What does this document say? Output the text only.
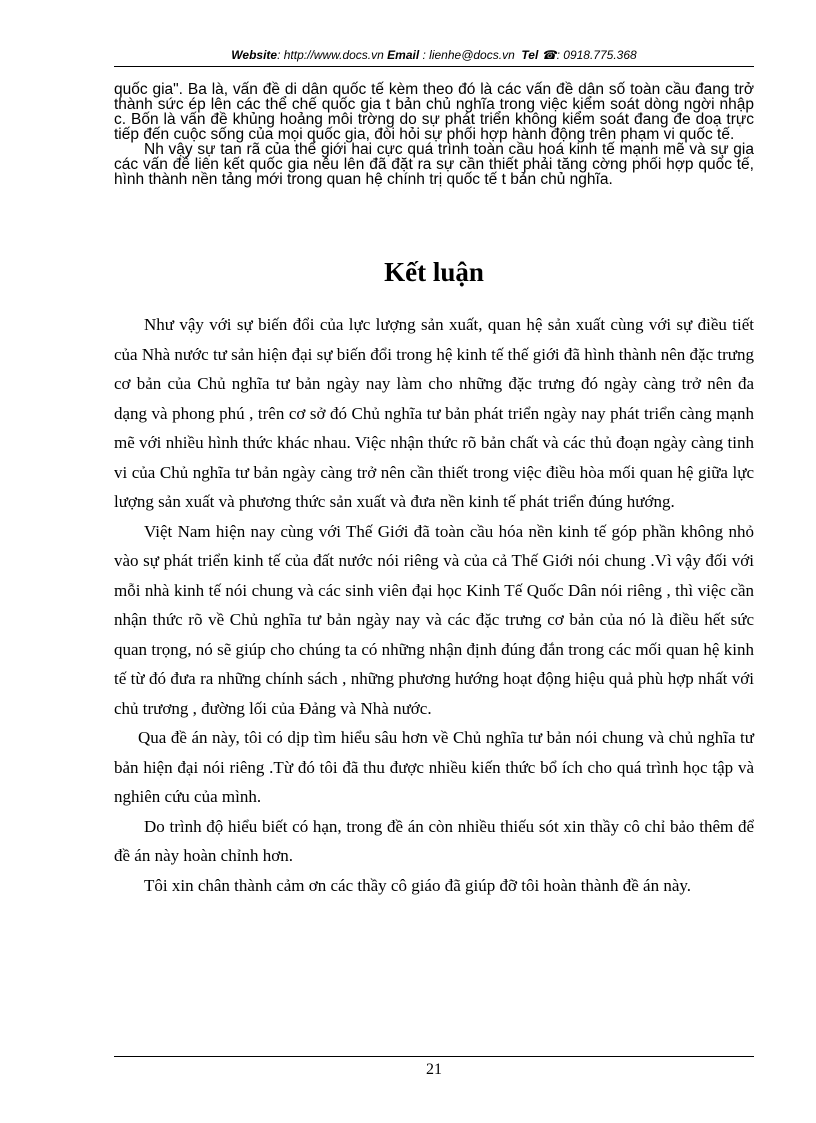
Website: http://www.docs.vn Email : lienhe@docs.vn Tel ☎: 0918.775.368

quốc gia". Ba là, vấn đề di dân quốc tế kèm theo đó là các vấn đề dân số toàn cầu đang trở thành sức ép lên các thể chế quốc gia t bản chủ nghĩa trong việc kiểm soát dòng ngời nhập c. Bốn là vấn đề khủng hoảng môi trờng do sự phát triển không kiểm soát đang đe doạ trực tiếp đến cuộc sống của mọi quốc gia, đòi hỏi sự phối hợp hành động trên phạm vi quốc tế.

Nh vậy sự tan rã của thế giới hai cực quá trình toàn cầu hoá kinh tế mạnh mẽ và sự gia các vấn đề liên kết quốc gia nêu lên đã đặt ra sự cần thiết phải tăng cờng phối hợp quốc tế, hình thành nền tảng mới trong quan hệ chính trị quốc tế t bản chủ nghĩa.

Kết luận

Như vậy với sự biến đổi của lực lượng sản xuất, quan hệ sản xuất cùng với sự điều tiết của Nhà nước tư sản hiện đại sự biến đổi trong hệ kinh tế thế giới đã hình thành nên đặc trưng cơ bản của Chủ nghĩa tư bản ngày nay làm cho những đặc trưng đó ngày càng trở nên đa dạng và phong phú , trên cơ sở đó Chủ nghĩa tư bản phát triển ngày nay phát triển càng mạnh mẽ với nhiều hình thức khác nhau. Việc nhận thức rõ bản chất và các thủ đoạn ngày càng tinh vi của Chủ nghĩa tư bản ngày càng trở nên cần thiết trong việc điều hòa mối quan hệ giữa lực lượng sản xuất và phương thức sản xuất và đưa nền kinh tế phát triển đúng hướng.

Việt Nam hiện nay cùng với Thế Giới đã toàn cầu hóa nền kinh tế góp phần không nhỏ vào sự phát triển kinh tế của đất nước nói riêng và của cả Thế Giới nói chung .Vì vậy đối với mỗi nhà kinh tế nói chung và các sinh viên đại học Kinh Tế Quốc Dân nói riêng , thì việc cần nhận thức rõ về Chủ nghĩa tư bản ngày nay và các đặc trưng cơ bản của nó là điều hết sức quan trọng, nó sẽ giúp cho chúng ta có những nhận định đúng đắn trong các mối quan hệ kinh tế từ đó đưa ra những chính sách , những phương hướng hoạt động hiệu quả phù hợp nhất với chủ trương , đường lối của Đảng và Nhà nước.

Qua đề án này, tôi có dịp tìm hiểu sâu hơn về Chủ nghĩa tư bản nói chung và chủ nghĩa tư bản hiện đại nói riêng .Từ đó tôi đã thu được nhiều kiến thức bổ ích cho quá trình học tập và nghiên cứu của mình.

Do trình độ hiểu biết có hạn, trong đề án còn nhiều thiếu sót xin thầy cô chỉ bảo thêm để đề án này hoàn chỉnh hơn.

Tôi xin chân thành cảm ơn các thầy cô giáo đã giúp đỡ tôi hoàn thành đề án này.

21
